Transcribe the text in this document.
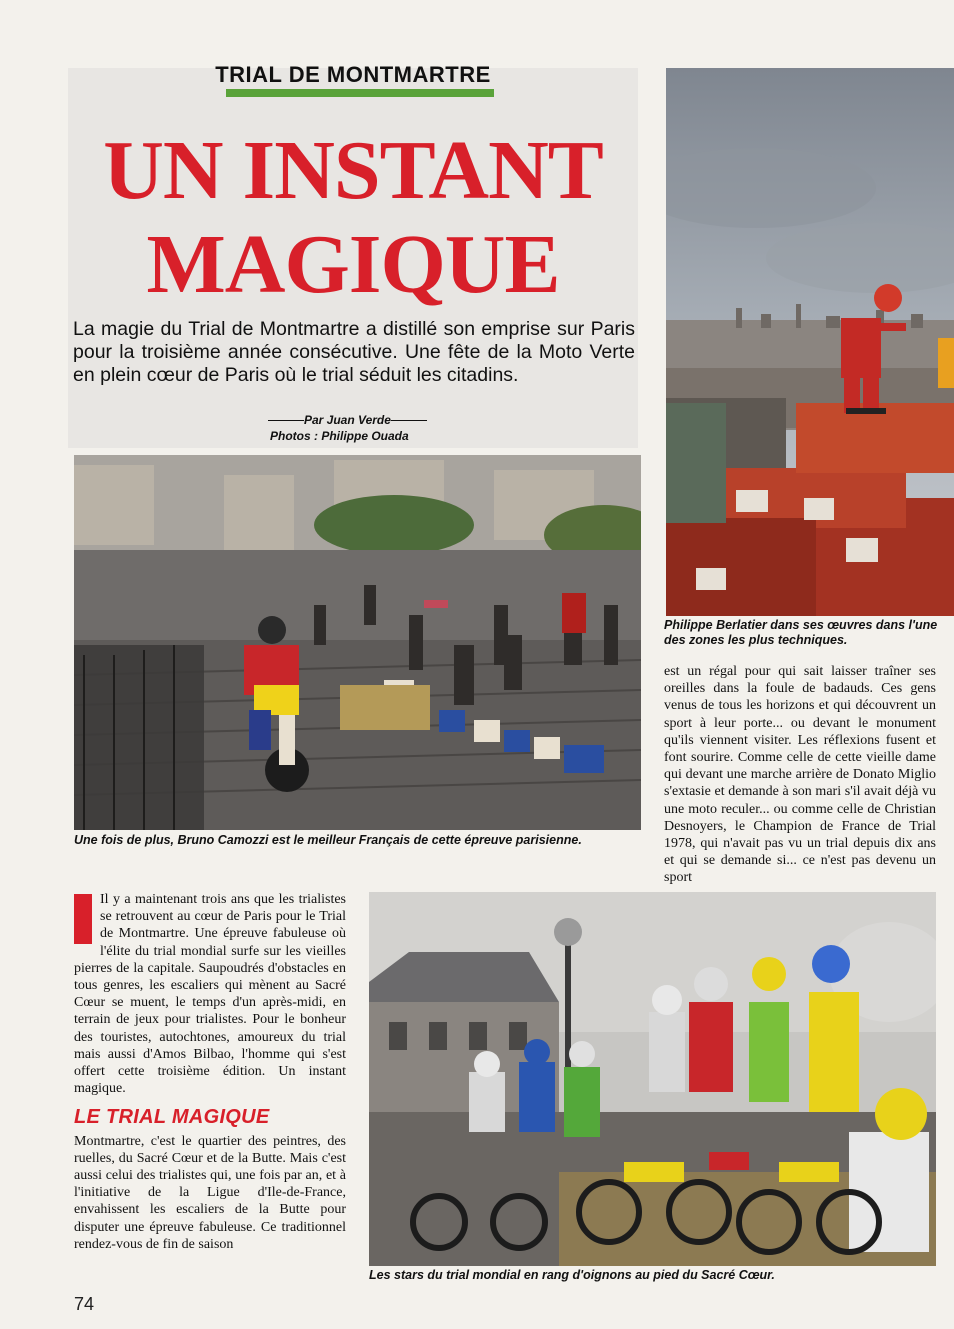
TRIAL DE MONTMARTRE
UN INSTANT
MAGIQUE
La magie du Trial de Montmartre a distillé son emprise sur Paris pour la troisième année consécutive. Une fête de la Moto Verte en plein cœur de Paris où le trial séduit les citadins.
Par Juan Verde
Photos : Philippe Ouada
Philippe Berlatier dans ses œuvres dans l'une des zones les plus techniques.
Une fois de plus, Bruno Camozzi est le meilleur Français de cette épreuve parisienne.
est un régal pour qui sait laisser traîner ses oreilles dans la foule de badauds. Ces gens venus de tous les horizons et qui découvrent un sport à leur porte... ou devant le monument qu'ils viennent visiter. Les réflexions fusent et font sourire. Comme celle de cette vieille dame qui devant une marche arrière de Donato Miglio s'extasie et demande à son mari s'il avait déjà vu une moto reculer... ou comme celle de Christian Desnoyers, le Champion de France de Trial 1978, qui n'avait pas vu un trial depuis dix ans et qui se demande si... ce n'est pas devenu un sport

Il y a maintenant trois ans que les trialistes se retrouvent au cœur de Paris pour le Trial de Montmartre. Une épreuve fabuleuse où l'élite du trial mondial surfe sur les vieilles pierres de la capitale. Saupoudrés d'obstacles en tous genres, les escaliers qui mènent au Sacré Cœur se muent, le temps d'un après-midi, en terrain de jeux pour trialistes. Pour le bonheur des touristes, autochtones, amoureux du trial mais aussi d'Amos Bilbao, l'homme qui s'est offert cette troisième édition. Un instant magique.

LE TRIAL MAGIQUE

Montmartre, c'est le quartier des peintres, des ruelles, du Sacré Cœur et de la Butte. Mais c'est aussi celui des trialistes qui, une fois par an, et à l'initiative de la Ligue d'Ile-de-France, envahissent les escaliers de la Butte pour disputer une épreuve fabuleuse. Ce traditionnel rendez-vous de fin de saison

Les stars du trial mondial en rang d'oignons au pied du Sacré Cœur.
74
